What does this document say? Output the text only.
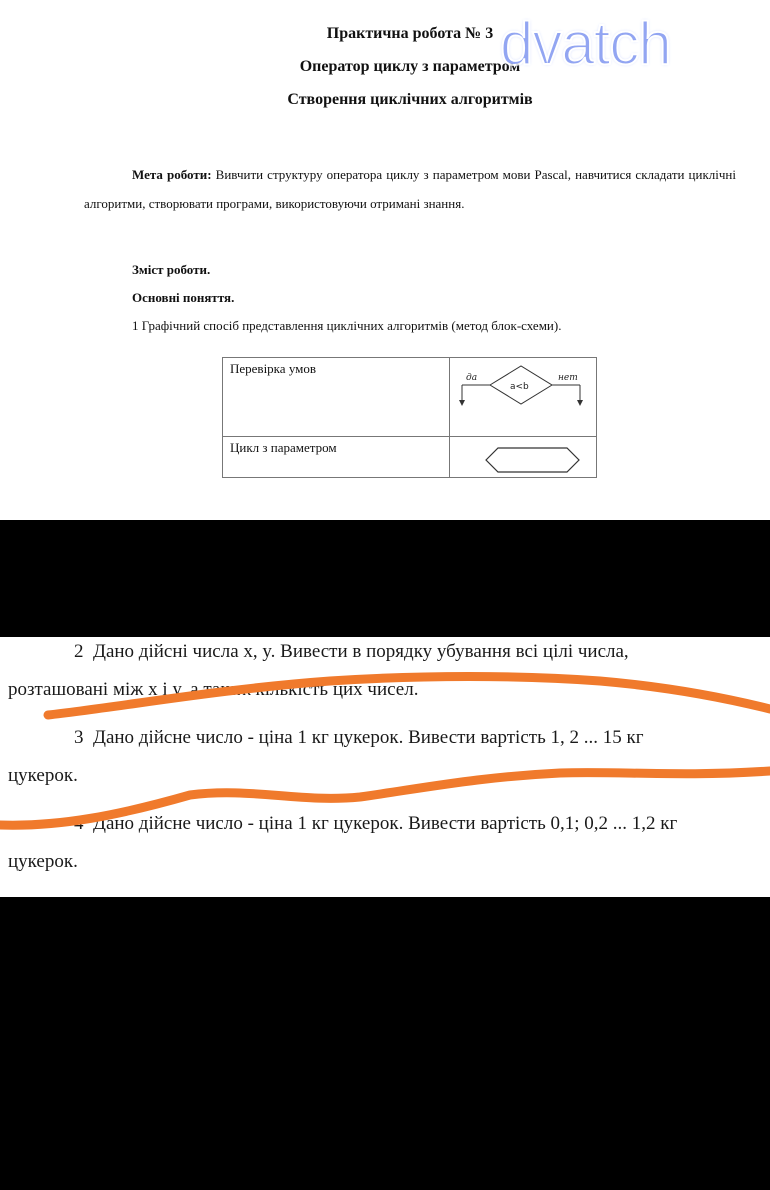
Практична робота № 3
Оператор циклу з параметром
Створення циклічних алгоритмів
dvatch

Мета роботи: Вивчити структуру оператора циклу з параметром мови Pascal, навчитися складати циклічні алгоритми, створювати програми, використовуючи отримані знання.

Зміст роботи.
Основні поняття.
1 Графічний спосіб представлення циклічних алгоритмів (метод блок-схеми).
Перевірка умов
Цикл з параметром
a<b
да	нет
2 Дано дійсні числа x, y. Вивести в порядку убування всі цілі числа,
розташовані між x і y, а також кількість цих чисел.
3 Дано дійсне число - ціна 1 кг цукерок. Вивести вартість 1, 2 ... 15 кг
цукерок.
4 Дано дійсне число - ціна 1 кг цукерок. Вивести вартість 0,1; 0,2 ... 1,2 кг
цукерок.
